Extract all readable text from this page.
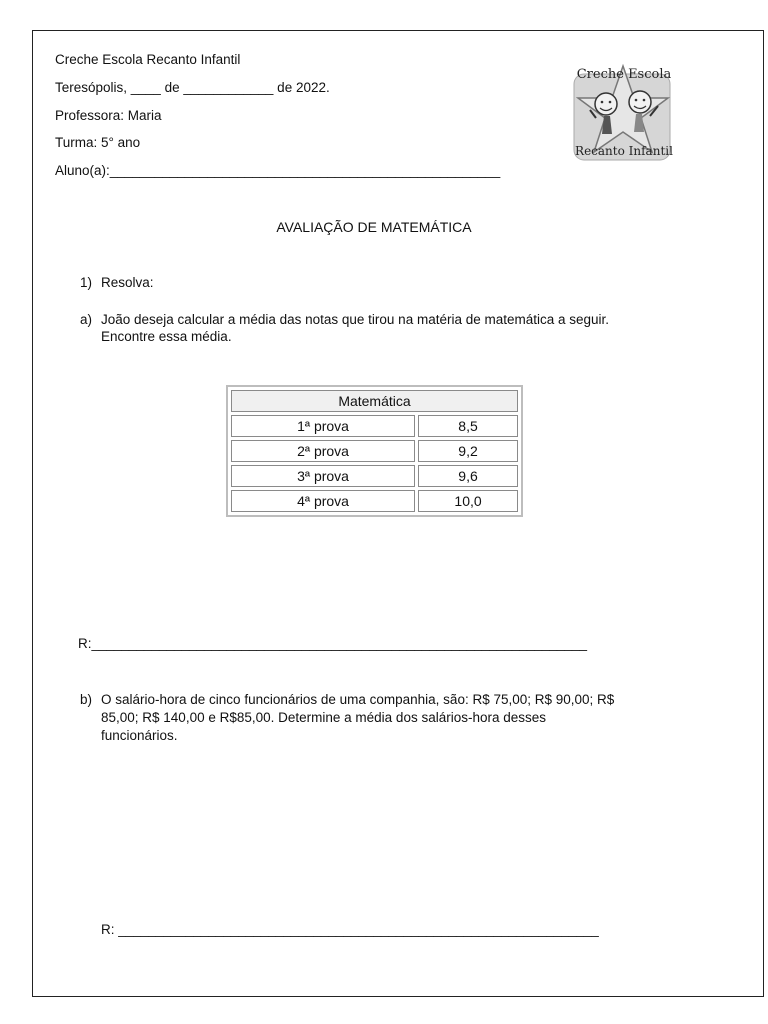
Creche Escola Recanto Infantil
Teresópolis, ____ de ____________ de 2022.
Professora: Maria
Turma: 5° ano
Aluno(a):____________________________________________________
Creche Escola
Recanto Infantil
AVALIAÇÃO DE MATEMÁTICA
1) Resolva:
a) João deseja calcular a média das notas que tirou na matéria de matemática a seguir.
Encontre essa média.
Matemática	
1ª prova	8,5
2ª prova	9,2
3ª prova	9,6
4ª prova	10,0
R:__________________________________________________________________
b) O salário-hora de cinco funcionários de uma companhia, são: R$ 75,00; R$ 90,00; R$
85,00; R$ 140,00 e R$85,00. Determine a média dos salários-hora desses
funcionários.
R: ________________________________________________________________
